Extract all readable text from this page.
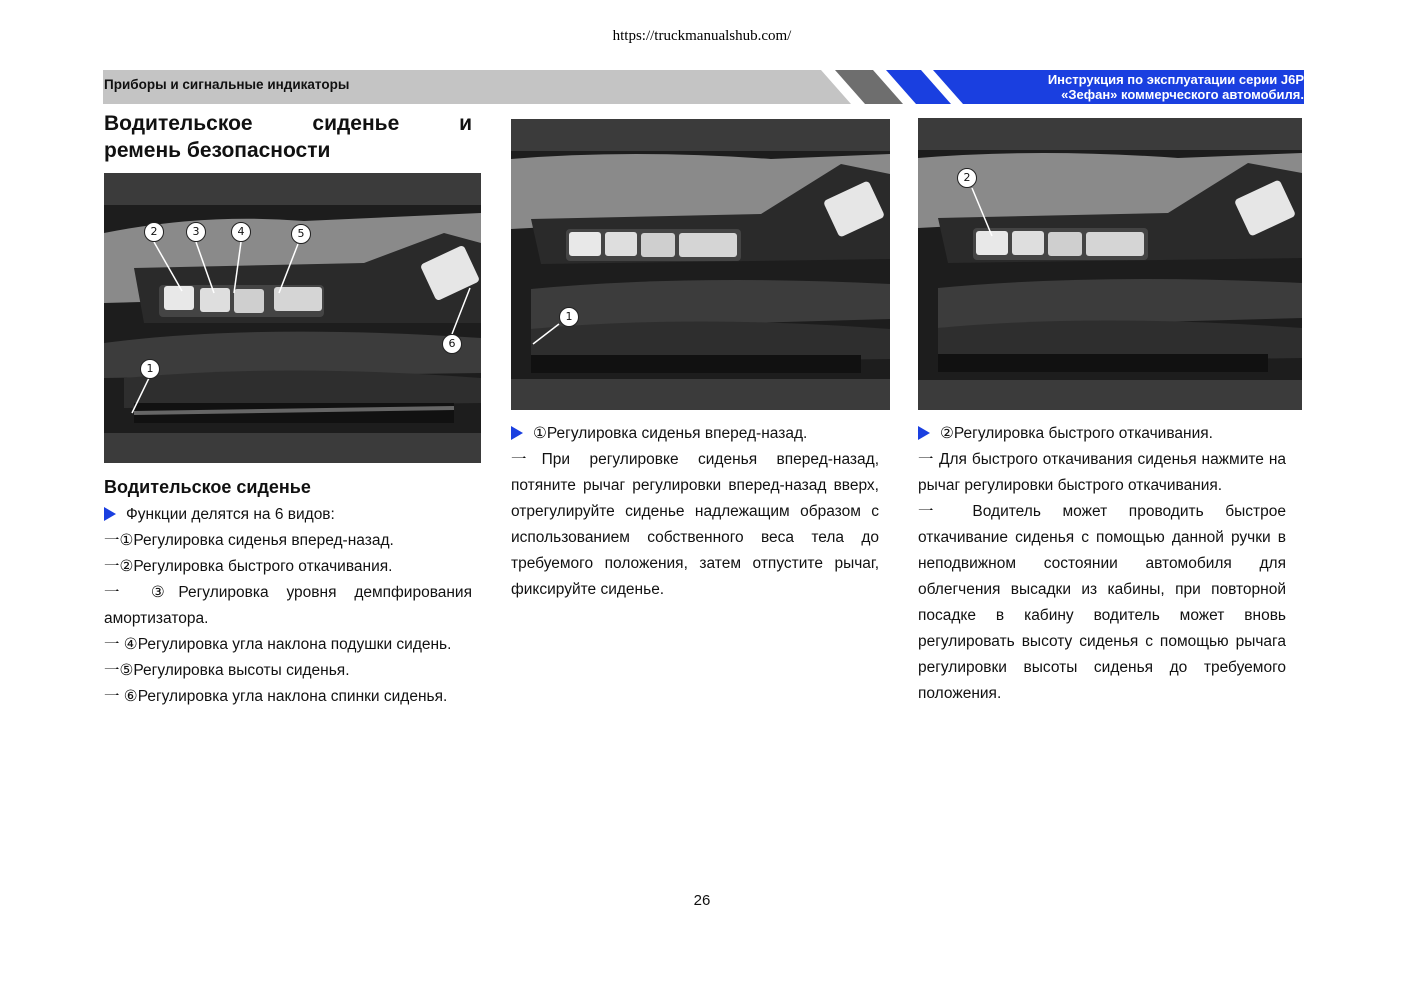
https://truckmanualshub.com/
Приборы и сигнальные индикаторы	Инструкция по эксплуатации серии J6P
«Зефан» коммерческого автомобиля.
Водительское	сиденье	и
ремень безопасности
2	3	4	5
6
1
1
2

Водительское сиденье

Функции делятся на 6 видов:

一①Регулировка сиденья вперед-назад.

一②Регулировка быстрого откачивания.

一 ③Регулировка уровня демпфирования амортизатора.

一 ④Регулировка угла наклона подушки сидень.

一⑤Регулировка высоты сиденья.

一 ⑥Регулировка угла наклона спинки сиденья.

①Регулировка сиденья вперед-назад.

一При регулировке сиденья вперед-назад, потяните рычаг регулировки вперед-назад вверх, отрегулируйте сиденье надлежащим образом с использованием собственного веса тела до требуемого положения, затем отпустите рычаг, фиксируйте сиденье.

②Регулировка быстрого откачивания.

一 Для быстрого откачивания сиденья нажмите на рычаг регулировки быстрого откачивания.

一 Водитель может проводить быстрое откачивание сиденья с помощью данной ручки в неподвижном состоянии автомобиля для облегчения высадки из кабины, при повторной посадке в кабину водитель может вновь регулировать высоту сиденья с помощью рычага регулировки высоты сиденья до требуемого положения.

26
